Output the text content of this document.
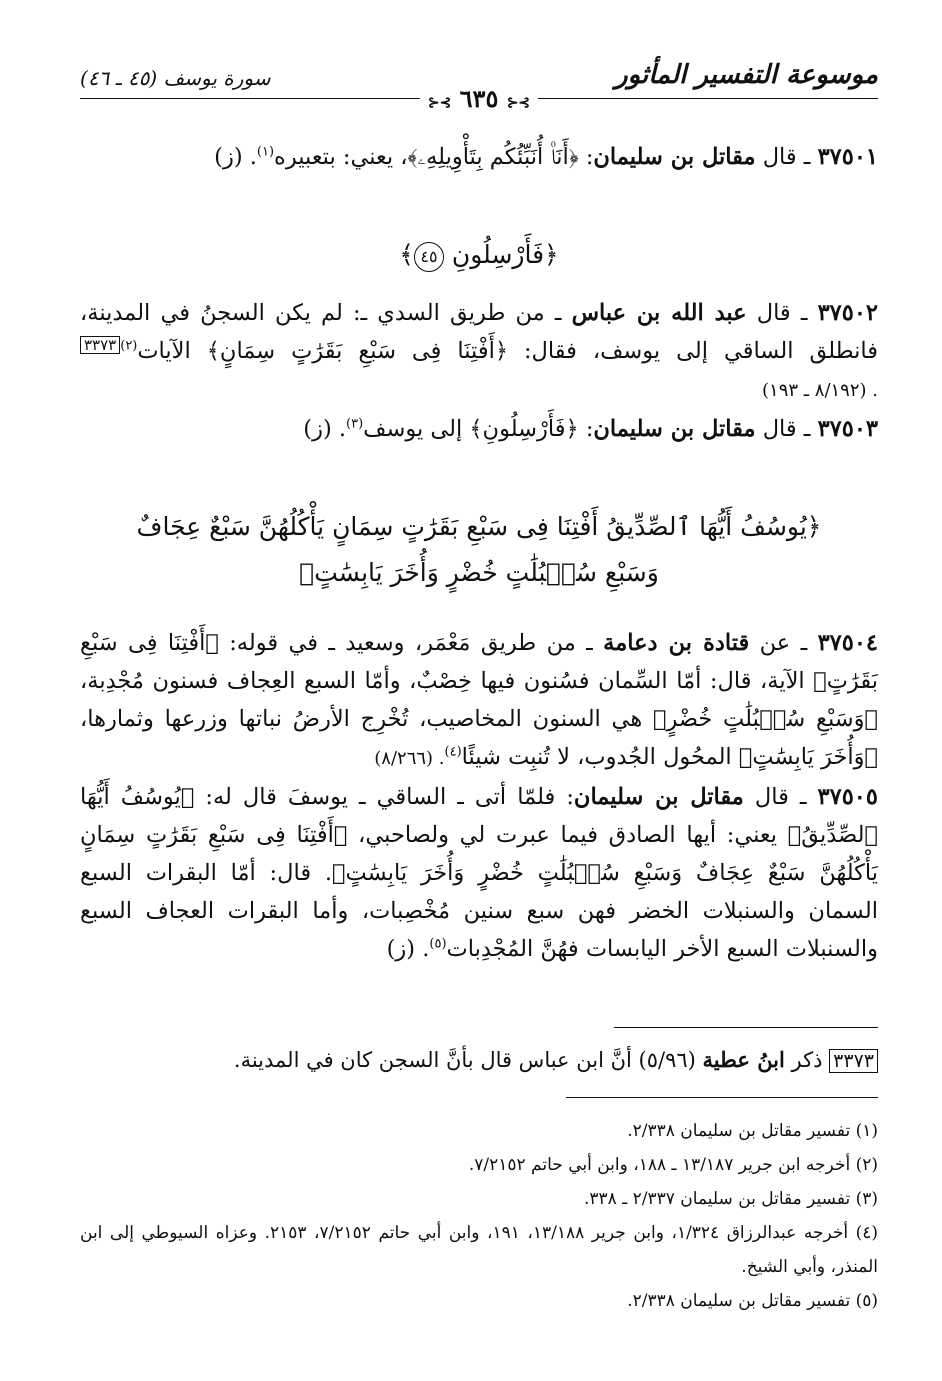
موسوعة التفسير المأثور
سورة يوسف (٤٥ ـ ٤٦)
⊱⊰ ٦٣٥ ⊱⊰
٣٧٥٠١ ـ قال مقاتل بن سليمان: ﴿أَنَا۠ أُنَبِّئُكُم بِتَأْوِيلِهِۦ﴾، يعني: بتعبيره$^{(١)}$. (ز)
﴿فَأَرْسِلُونِ ٤٥﴾
٣٧٥٠٢ ـ قال عبد الله بن عباس ـ من طريق السدي ـ: لم يكن السجنُ في المدينة، فانطلق الساقي إلى يوسف، فقال: ﴿أَفْتِنَا فِى سَبْعِ بَقَرَٰتٍ سِمَانٍ﴾ الآيات$^{(٢)}$٣٣٧٣. (٨/١٩٢ ـ ١٩٣)
٣٧٥٠٣ ـ قال مقاتل بن سليمان: ﴿فَأَرْسِلُونِ﴾ إلى يوسف$^{(٣)}$. (ز)
﴿يُوسُفُ أَيُّهَا ٱلصِّدِّيقُ أَفْتِنَا فِى سَبْعِ بَقَرَٰتٍ سِمَانٍ يَأْكُلُهُنَّ سَبْعٌ عِجَافٌ
وَسَبْعِ سُنۢبُلَٰتٍ خُضْرٍ وَأُخَرَ يَابِسَٰتٍ﴾
٣٧٥٠٤ ـ عن قتادة بن دعامة ـ من طريق مَعْمَر، وسعيد ـ في قوله: ﴿أَفْتِنَا فِى سَبْعِ بَقَرَٰتٍ﴾ الآية، قال: أمّا السِّمان فسُنون فيها خِصْبٌ، وأمّا السبع العِجاف فسنون مُجْدِبة، ﴿وَسَبْعِ سُنۢبُلَٰتٍ خُضْرٍ﴾ هي السنون المخاصيب، تُخْرِج الأرضُ نباتها وزرعها وثمارها، ﴿وَأُخَرَ يَابِسَٰتٍ﴾ المحُول الجُدوب، لا تُنبِت شيئًا$^{(٤)}$. (٨/٢٦٦)
٣٧٥٠٥ ـ قال مقاتل بن سليمان: فلمّا أتى ـ الساقي ـ يوسفَ قال له: ﴿يُوسُفُ أَيُّهَا ٱلصِّدِّيقُ﴾ يعني: أيها الصادق فيما عبرت لي ولصاحبي، ﴿أَفْتِنَا فِى سَبْعِ بَقَرَٰتٍ سِمَانٍ يَأْكُلُهُنَّ سَبْعٌ عِجَافٌ وَسَبْعِ سُنۢبُلَٰتٍ خُضْرٍ وَأُخَرَ يَابِسَٰتٍ﴾. قال: أمّا البقرات السبع السمان والسنبلات الخضر فهن سبع سنين مُخْصِبات، وأما البقرات العجاف السبع والسنبلات السبع الأخر اليابسات فهُنَّ المُجْدِبات$^{(٥)}$. (ز)
٣٣٧٣ ذكر ابنُ عطية (٥/٩٦) أنَّ ابن عباس قال بأنَّ السجن كان في المدينة.
(١) تفسير مقاتل بن سليمان ٢/٣٣٨.
(٢) أخرجه ابن جرير ١٣/١٨٧ ـ ١٨٨، وابن أبي حاتم ٧/٢١٥٢.
(٣) تفسير مقاتل بن سليمان ٢/٣٣٧ ـ ٣٣٨.
(٤) أخرجه عبدالرزاق ١/٣٢٤، وابن جرير ١٣/١٨٨، ١٩١، وابن أبي حاتم ٧/٢١٥٢، ٢١٥٣. وعزاه السيوطي إلى ابن المنذر، وأبي الشيخ.
(٥) تفسير مقاتل بن سليمان ٢/٣٣٨.
